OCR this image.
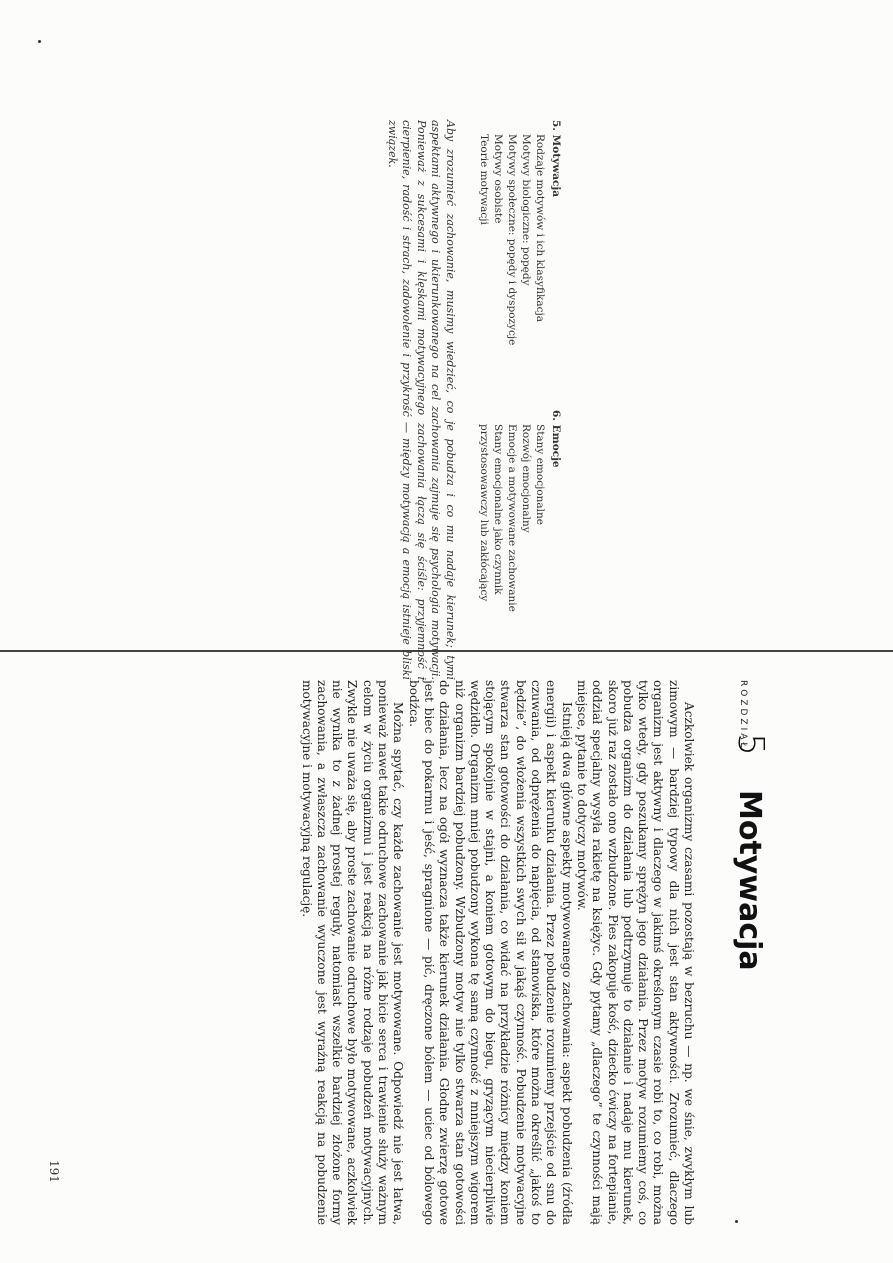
5. Motywacja
Rodzaje motywów i ich klasyfikacja
Motywy biologiczne: popędy
Motywy społeczne: popędy i dyspozycje
Motywy osobiste
Teorie motywacji
6. Emocje
Stany emocjonalne
Rozwój emocjonalny
Emocje a motywowane zachowanie
Stany emocjonalne jako czynnik przystosowawczy lub zakłócający
Aby zrozumieć zachowanie, musimy wiedzieć, co je pobudza i co mu nadaje kierunek; tymi aspektami aktywnego i ukierunkowanego na cel zachowania zajmuje się psychologia motywacji. Ponieważ z sukcesami i klęskami motywacyjnego zachowania łączą się ściśle: przyjemność i cierpienie, radość i strach, zadowolenie i przykrość — między motywacją a emocją istnieje bliski związek.
ROZDZIAŁ
5
Motywacja

Aczkolwiek organizmy czasami pozostają w bezruchu — np. we śnie, zwykłym lub zimowym — bardziej typowy dla nich jest stan aktywności. Zrozumieć, dlaczego organizm jest aktywny i dlaczego w jakimś określonym czasie robi to, co robi, można tylko wtedy, gdy poszukamy sprężyn jego działania. Przez motyw rozumiemy coś, co pobudza organizm do działania lub podtrzymuje to działanie i nadaje mu kierunek, skoro już raz zostało ono wzbudzone. Pies zakopuje kość, dziecko ćwiczy na fortepianie, oddział specjalny wysyła rakietę na księżyc. Gdy pytamy „dlaczego” te czynności mają miejsce, pytanie to dotyczy motywów.

Istnieją dwa główne aspekty motywowanego zachowania: aspekt pobudzenia (źródła energii) i aspekt kierunku działania. Przez pobudzenie rozumiemy przejście od snu do czuwania, od odprężenia do napięcia, od stanowiska, które można określić „jakoś to będzie”, do włożenia wszystkich swych sił w jakąś czynność. Pobudzenie motywacyjne stwarza stan gotowości do działania, co widać na przykładzie różnicy między koniem stojącym spokojnie w stajni, a koniem gotowym do biegu, gryzącym niecierpliwie wędzidło. Organizm mniej pobudzony wykona tę samą czynność z mniejszym wigorem niż organizm bardziej pobudzony. Wzbudzony motyw nie tylko stwarza stan gotowości do działania, lecz na ogół wyznacza także kierunek działania. Głodne zwierzę gotowe jest biec do pokarmu i jeść, spragnione — pić, dręczone bólem — uciec od bólowego bodźca.

Można spytać, czy każde zachowanie jest motywowane. Odpowiedź nie jest łatwa, ponieważ nawet takie odruchowe zachowanie jak bicie serca i trawienie służy ważnym celom w życiu organizmu i jest reakcją na różne rodzaje pobudzeń motywacyjnych. Zwykle nie uważa się, aby proste zachowanie odruchowe było motywowane, aczkolwiek nie wynika to z żadnej prostej reguły, natomiast wszelkie bardziej złożone formy zachowania, a zwłaszcza zachowanie wyuczone jest wyraźną reakcją na pobudzenie motywacyjne i motywacyjną regulację.

191
